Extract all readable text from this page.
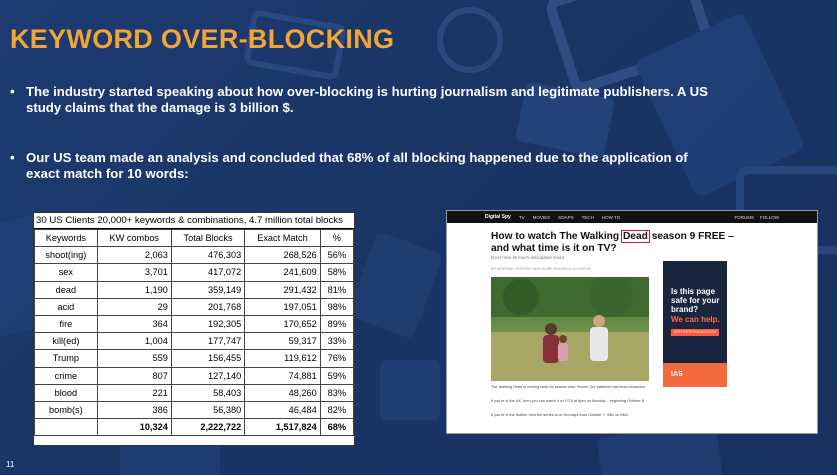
KEYWORD OVER-BLOCKING
• The industry started speaking about how over-blocking is hurting journalism and legitimate publishers. A US study claims that the damage is 3 billion $.
• Our US team made an analysis and concluded that 68% of all blocking happened due to the application of exact match for 10 words:
30 US Clients 20,000+ keywords & combinations, 4.7 million total blocks
Keywords	KW combos	Total Blocks	Exact Match	%
shoot(ing)	2,063	476,303	268,526	56%
sex	3,701	417,072	241,609	58%
dead	1,190	359,149	291,432	81%
acid	29	201,768	197,051	98%
fire	364	192,305	170,652	89%
kill(ed)	1,004	177,747	59,317	33%
Trump	559	156,455	119,612	76%
crime	807	127,140	74,881	59%
blood	221	58,403	48,260	83%
bomb(s)	386	56,380	46,484	82%
	10,324	2,222,722	1,517,824	68%
Digital Spy TV MOVIES SOAPS TECH HOW TO	FORUMS FOLLOW
How to watch The Walking Dead season 9 FREE – and what time is it on TV?
Don't miss its much-anticipated return.
BY MORGAN JEFFERY AND ELIBE EDDISON 11/10/2018
The Walking Dead is coming back for season nine. Boom! Our patience has been rewarded.
If you're in the UK, then you can watch it on FOX at 8pm on Monday – beginning October 8.
If you're in the States, then the series is on Sundays from October 7, 9/8c on AMC.
Is this page
safe for your
brand?
We can help.
VISIT INTEGRALADS.COM
IAS
11
